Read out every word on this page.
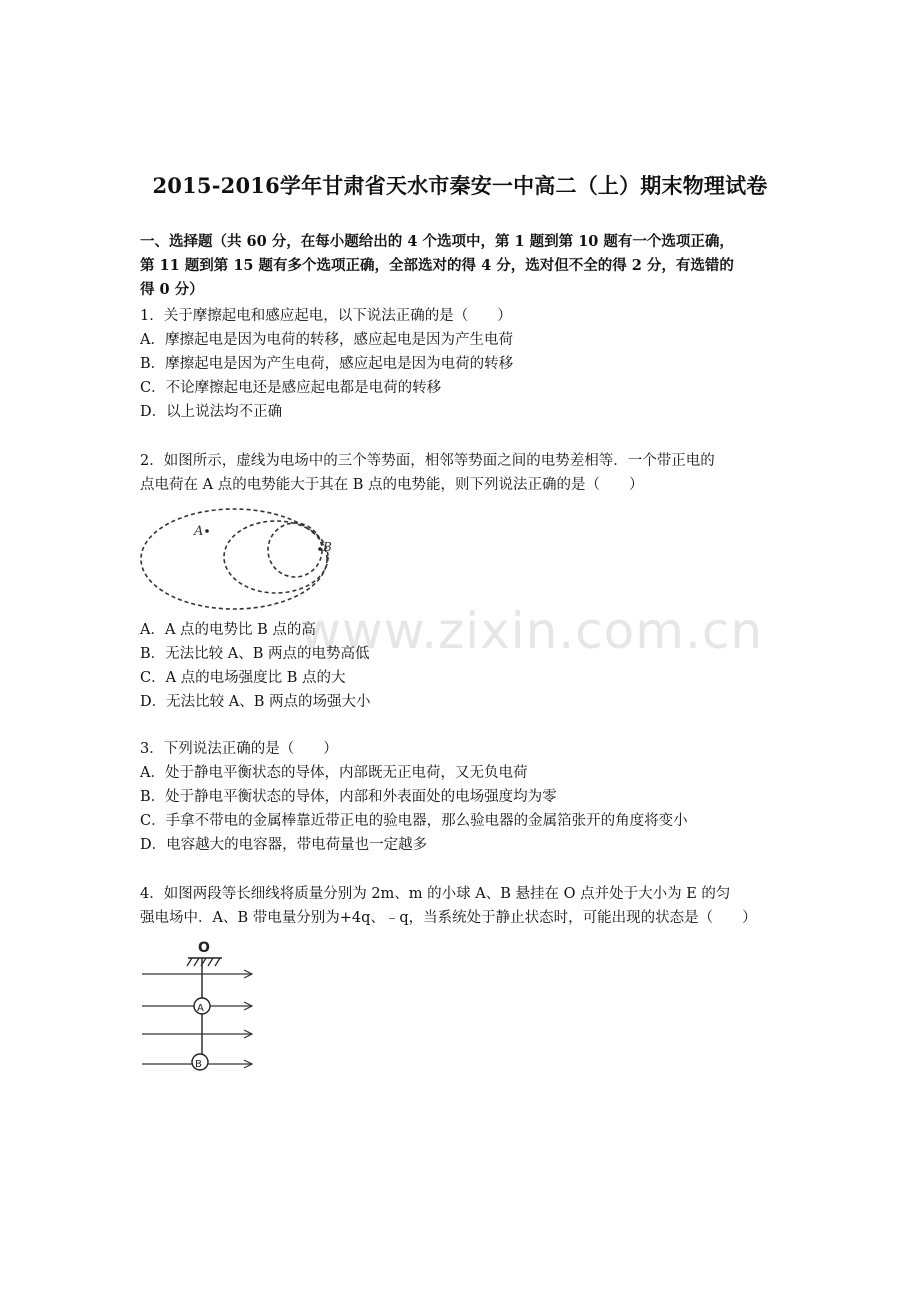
www.zixin.com.cn
2015-2016学年甘肃省天水市秦安一中高二（上）期末物理试卷
一、选择题（共 60 分，在每小题给出的 4 个选项中，第 1 题到第 10 题有一个选项正确，
第 11 题到第 15 题有多个选项正确，全部选对的得 4 分，选对但不全的得 2 分，有选错的
得 0 分）
1．关于摩擦起电和感应起电，以下说法正确的是（　　）
A．摩擦起电是因为电荷的转移，感应起电是因为产生电荷
B．摩擦起电是因为产生电荷，感应起电是因为电荷的转移
C．不论摩擦起电还是感应起电都是电荷的转移
D．以上说法均不正确
2．如图所示，虚线为电场中的三个等势面，相邻等势面之间的电势差相等．一个带正电的
点电荷在 A 点的电势能大于其在 B 点的电势能，则下列说法正确的是（　　）
A
B
A．A 点的电势比 B 点的高
B．无法比较 A、B 两点的电势高低
C．A 点的电场强度比 B 点的大
D．无法比较 A、B 两点的场强大小
3．下列说法正确的是（　　）
A．处于静电平衡状态的导体，内部既无正电荷，又无负电荷
B．处于静电平衡状态的导体，内部和外表面处的电场强度均为零
C．手拿不带电的金属棒靠近带正电的验电器，那么验电器的金属箔张开的角度将变小
D．电容越大的电容器，带电荷量也一定越多
4．如图两段等长细线将质量分别为 2m、m 的小球 A、B 悬挂在 O 点并处于大小为 E 的匀
强电场中．A、B 带电量分别为+4q、﹣q，当系统处于静止状态时，可能出现的状态是（　　）
O
A
B
